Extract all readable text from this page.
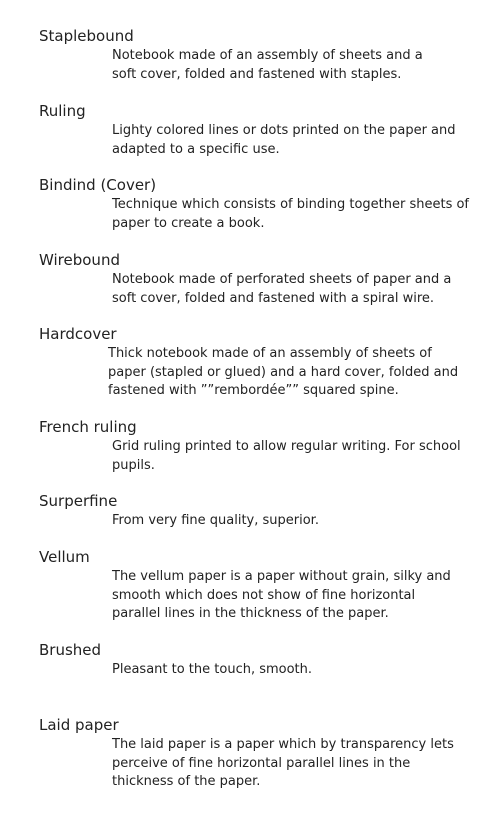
Staplebound
Notebook made of an assembly of sheets and a soft cover, folded and fastened with staples.
Ruling
Lighty colored lines or dots printed on the paper and adapted to a specific use.
Bindind (Cover)
Technique which consists of binding together sheets of paper to create a book.
Wirebound
Notebook made of perforated sheets of paper and a soft cover, folded and fastened with a spiral wire.
Hardcover
Thick notebook made of an assembly of sheets of paper (stapled or glued) and a hard cover, folded and fastened with ””rembordée”” squared spine.
French ruling
Grid ruling printed to allow regular writing. For school pupils.
Surperfine
From very fine quality, superior.
Vellum
The vellum paper is a paper without grain, silky and smooth which does not show of fine horizontal parallel lines in the thickness of the paper.
Brushed
Pleasant to the touch, smooth.
Laid paper
The laid paper is a paper which by transparency lets perceive of fine horizontal parallel lines in the thickness of the paper.
